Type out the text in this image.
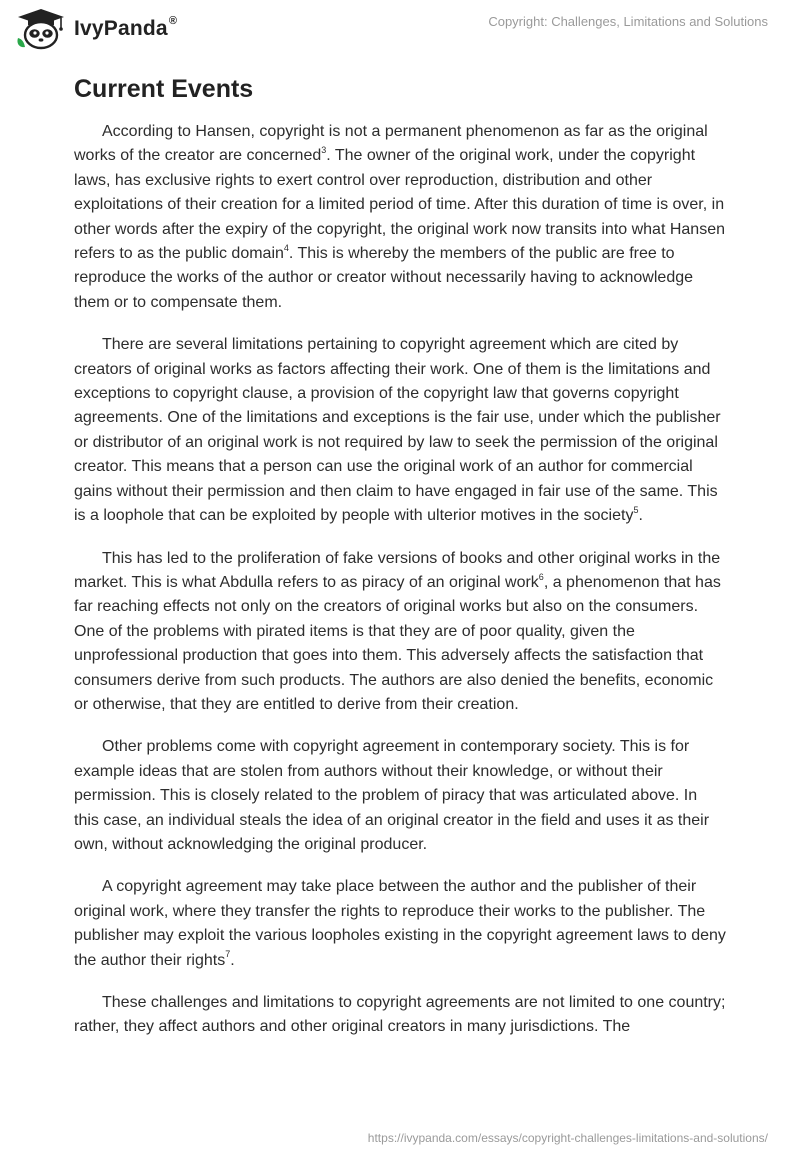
IvyPanda®	Copyright: Challenges, Limitations and Solutions
Current Events

According to Hansen, copyright is not a permanent phenomenon as far as the original works of the creator are concerned$^3$. The owner of the original work, under the copyright laws, has exclusive rights to exert control over reproduction, distribution and other exploitations of their creation for a limited period of time. After this duration of time is over, in other words after the expiry of the copyright, the original work now transits into what Hansen refers to as the public domain$^4$. This is whereby the members of the public are free to reproduce the works of the author or creator without necessarily having to acknowledge them or to compensate them.

There are several limitations pertaining to copyright agreement which are cited by creators of original works as factors affecting their work. One of them is the limitations and exceptions to copyright clause, a provision of the copyright law that governs copyright agreements. One of the limitations and exceptions is the fair use, under which the publisher or distributor of an original work is not required by law to seek the permission of the original creator. This means that a person can use the original work of an author for commercial gains without their permission and then claim to have engaged in fair use of the same. This is a loophole that can be exploited by people with ulterior motives in the society$^5$.

This has led to the proliferation of fake versions of books and other original works in the market. This is what Abdulla refers to as piracy of an original work$^6$, a phenomenon that has far reaching effects not only on the creators of original works but also on the consumers. One of the problems with pirated items is that they are of poor quality, given the unprofessional production that goes into them. This adversely affects the satisfaction that consumers derive from such products. The authors are also denied the benefits, economic or otherwise, that they are entitled to derive from their creation.

Other problems come with copyright agreement in contemporary society. This is for example ideas that are stolen from authors without their knowledge, or without their permission. This is closely related to the problem of piracy that was articulated above. In this case, an individual steals the idea of an original creator in the field and uses it as their own, without acknowledging the original producer.

A copyright agreement may take place between the author and the publisher of their original work, where they transfer the rights to reproduce their works to the publisher. The publisher may exploit the various loopholes existing in the copyright agreement laws to deny the author their rights$^7$.

These challenges and limitations to copyright agreements are not limited to one country; rather, they affect authors and other original creators in many jurisdictions. The

https://ivypanda.com/essays/copyright-challenges-limitations-and-solutions/
